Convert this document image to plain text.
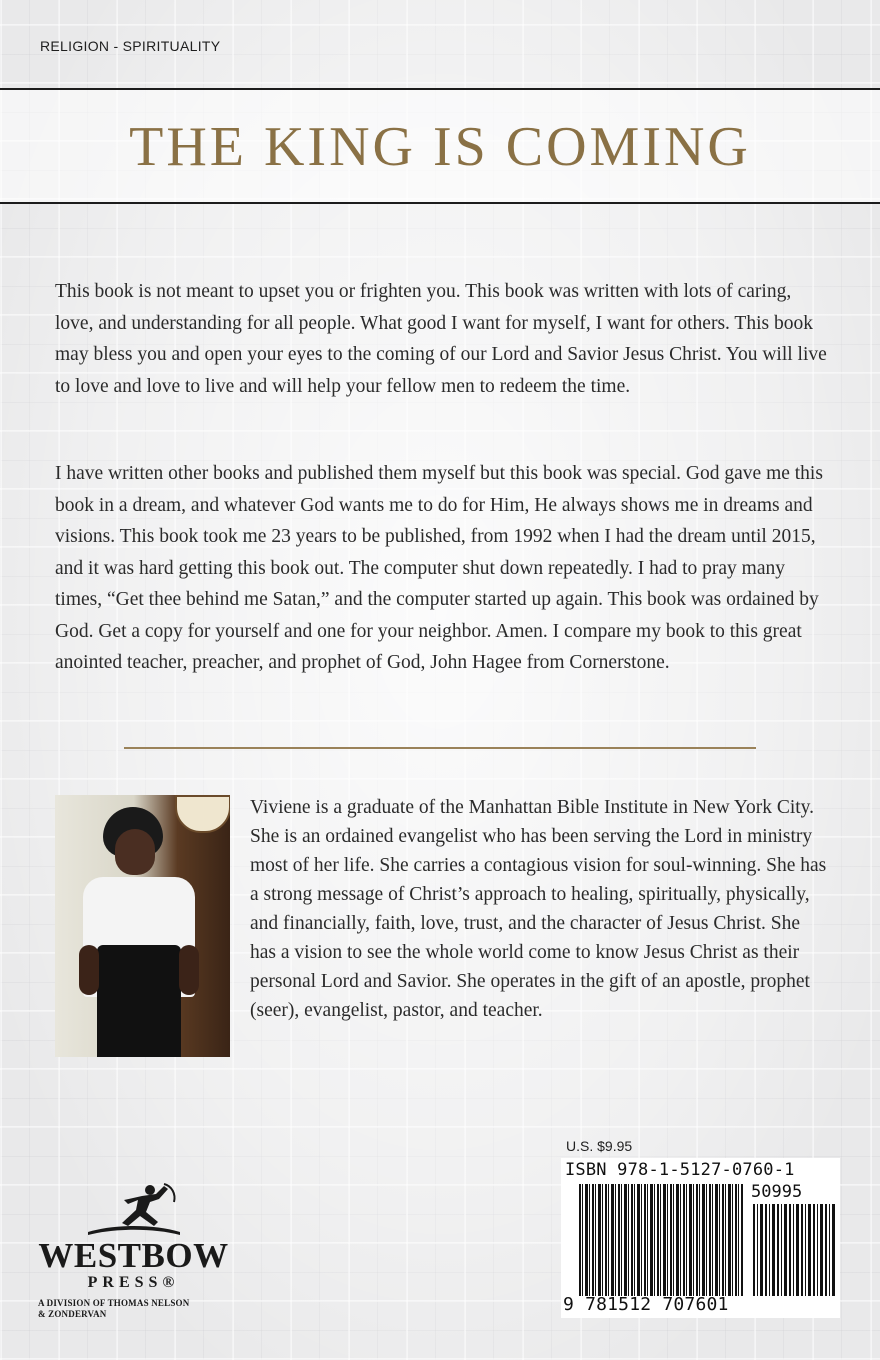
RELIGION - SPIRITUALITY
THE KING IS COMING

This book is not meant to upset you or frighten you. This book was written with lots of caring, love, and understanding for all people. What good I want for myself, I want for others. This book may bless you and open your eyes to the coming of our Lord and Savior Jesus Christ. You will live to love and love to live and will help your fellow men to redeem the time.

I have written other books and published them myself but this book was special. God gave me this book in a dream, and whatever God wants me to do for Him, He always shows me in dreams and visions. This book took me 23 years to be published, from 1992 when I had the dream until 2015, and it was hard getting this book out. The computer shut down repeatedly. I had to pray many times, “Get thee behind me Satan,” and the computer started up again. This book was ordained by God. Get a copy for yourself and one for your neighbor. Amen. I compare my book to this great anointed teacher, preacher, and prophet of God, John Hagee from Cornerstone.

Viviene is a graduate of the Manhattan Bible Institute in New York City. She is an ordained evangelist who has been serving the Lord in ministry most of her life. She carries a contagious vision for soul-winning. She has a strong message of Christ’s approach to healing, spiritually, physically, and financially, faith, love, trust, and the character of Jesus Christ. She has a vision to see the whole world come to know Jesus Christ as their personal Lord and Savior. She operates in the gift of an apostle, prophet (seer), evangelist, pastor, and teacher.

WESTBOW
PRESS®
A DIVISION OF THOMAS NELSON
& ZONDERVAN
U.S. $9.95
ISBN 978-1-5127-0760-1
50995
9 781512 707601
